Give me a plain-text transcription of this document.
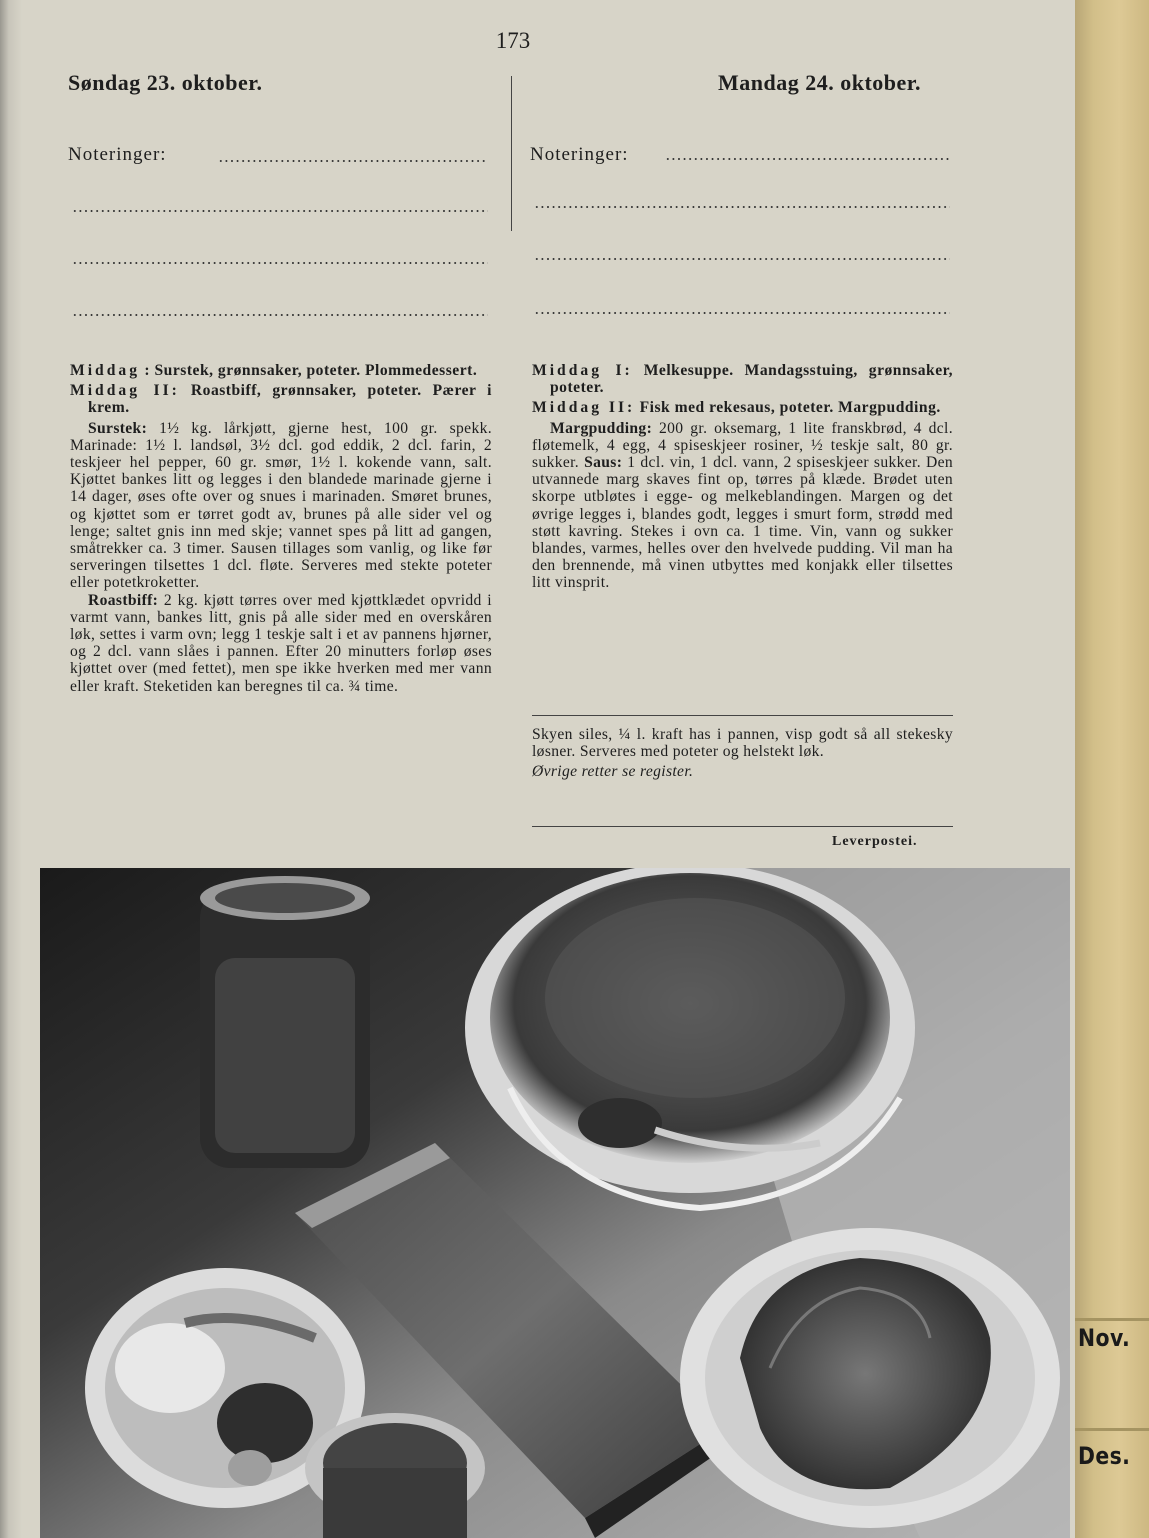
Nov.
Des.
173
Søndag 23. oktober.
Noteringer:
Mandag 24. oktober.
Noteringer:

Middag : Surstek, grønnsaker, poteter. Plommedessert.

Middag II: Roastbiff, grønnsaker, poteter. Pærer i krem.

Surstek: 1½ kg. lårkjøtt, gjerne hest, 100 gr. spekk. Marinade: 1½ l. landsøl, 3½ dcl. god eddik, 2 dcl. farin, 2 teskjeer hel pepper, 60 gr. smør, 1½ l. kokende vann, salt. Kjøttet bankes litt og legges i den blandede marinade gjerne i 14 dager, øses ofte over og snues i marinaden. Smøret brunes, og kjøttet som er tørret godt av, brunes på alle sider vel og lenge; saltet gnis inn med skje; vannet spes på litt ad gangen, småtrekker ca. 3 timer. Sausen tillages som vanlig, og like før serveringen tilsettes 1 dcl. fløte. Serveres med stekte poteter eller potetkroketter.

Roastbiff: 2 kg. kjøtt tørres over med kjøttklædet opvridd i varmt vann, bankes litt, gnis på alle sider med en overskåren løk, settes i varm ovn; legg 1 teskje salt i et av pannens hjørner, og 2 dcl. vann slåes i pannen. Efter 20 minutters forløp øses kjøttet over (med fettet), men spe ikke hverken med mer vann eller kraft. Steketiden kan beregnes til ca. ¾ time.

Middag I: Melkesuppe. Mandagsstuing, grønnsaker, poteter.

Middag II: Fisk med rekesaus, poteter. Margpudding.

Margpudding: 200 gr. oksemarg, 1 lite franskbrød, 4 dcl. fløtemelk, 4 egg, 4 spiseskjeer rosiner, ½ teskje salt, 80 gr. sukker. Saus: 1 dcl. vin, 1 dcl. vann, 2 spiseskjeer sukker. Den utvannede marg skaves fint op, tørres på klæde. Brødet uten skorpe utbløtes i egge- og melkeblandingen. Margen og det øvrige legges i, blandes godt, legges i smurt form, strødd med støtt kavring. Stekes i ovn ca. 1 time. Vin, vann og sukker blandes, varmes, helles over den hvelvede pudding. Vil man ha den brennende, må vinen utbyttes med konjakk eller tilsettes litt vinsprit.

Skyen siles, ¼ l. kraft has i pannen, visp godt så all stekesky løsner. Serveres med poteter og helstekt løk.

Øvrige retter se register.

Leverpostei.
